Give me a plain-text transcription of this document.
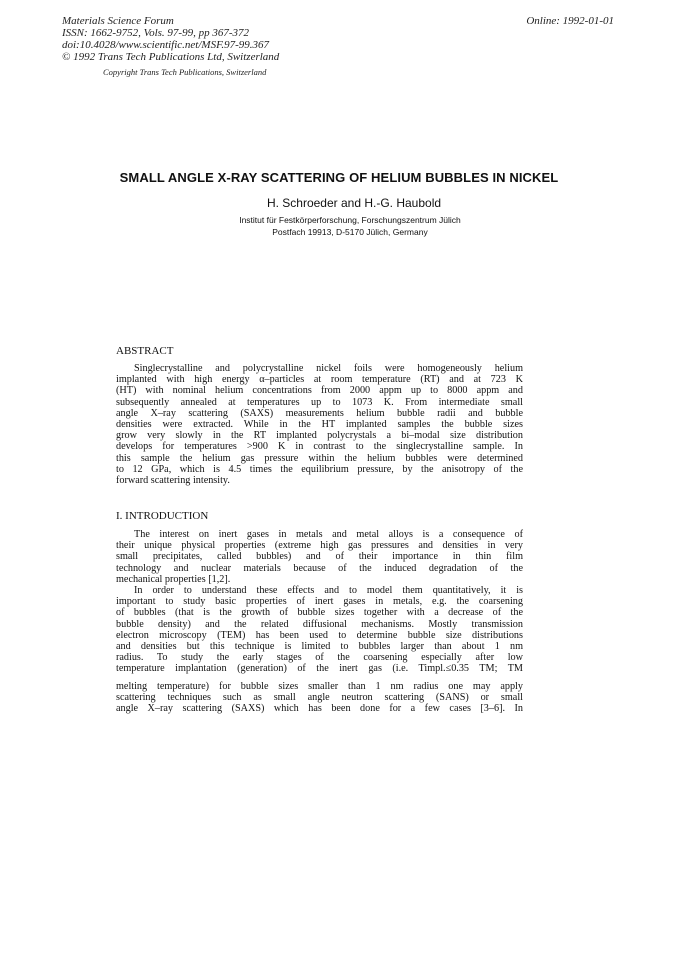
Materials Science Forum
ISSN: 1662-9752, Vols. 97-99, pp 367-372
doi:10.4028/www.scientific.net/MSF.97-99.367
© 1992 Trans Tech Publications Ltd, Switzerland
Online: 1992-01-01
Copyright Trans Tech Publications, Switzerland
SMALL ANGLE X-RAY SCATTERING OF HELIUM BUBBLES IN NICKEL
H. Schroeder and H.-G. Haubold
Institut für Festkörperforschung, Forschungszentrum Jülich
Postfach 19913, D-5170 Jülich, Germany
ABSTRACT
Singlecrystalline and polycrystalline nickel foils were homogeneously helium
implanted with high energy α–particles at room temperature (RT) and at 723 K
(HT) with nominal helium concentrations from 2000 appm up to 8000 appm and
subsequently annealed at temperatures up to 1073 K. From intermediate small
angle X–ray scattering (SAXS) measurements helium bubble radii and bubble
densities were extracted. While in the HT implanted samples the bubble sizes
grow very slowly in the RT implanted polycrystals a bi–modal size distribution
develops for temperatures >900 K in contrast to the singlecrystalline sample. In
this sample the helium gas pressure within the helium bubbles were determined
to 12 GPa, which is 4.5 times the equilibrium pressure, by the anisotropy of the
forward scattering intensity.
I. INTRODUCTION
The interest on inert gases in metals and metal alloys is a consequence of
their unique physical properties (extreme high gas pressures and densities in very
small precipitates, called bubbles) and of their importance in thin film
technology and nuclear materials because of the induced degradation of the
mechanical properties [1,2].
In order to understand these effects and to model them quantitatively, it is
important to study basic properties of inert gases in metals, e.g. the coarsening
of bubbles (that is the growth of bubble sizes together with a decrease of the
bubble density) and the related diffusional mechanisms. Mostly transmission
electron microscopy (TEM) has been used to determine bubble size distributions
and densities but this technique is limited to bubbles larger than about 1 nm
radius. To study the early stages of the coarsening especially after low
temperature implantation (generation) of the inert gas (i.e. Timpl.≤0.35 TM; TM
melting temperature) for bubble sizes smaller than 1 nm radius one may apply
scattering techniques such as small angle neutron scattering (SANS) or small
angle X–ray scattering (SAXS) which has been done for a few cases [3–6]. In
